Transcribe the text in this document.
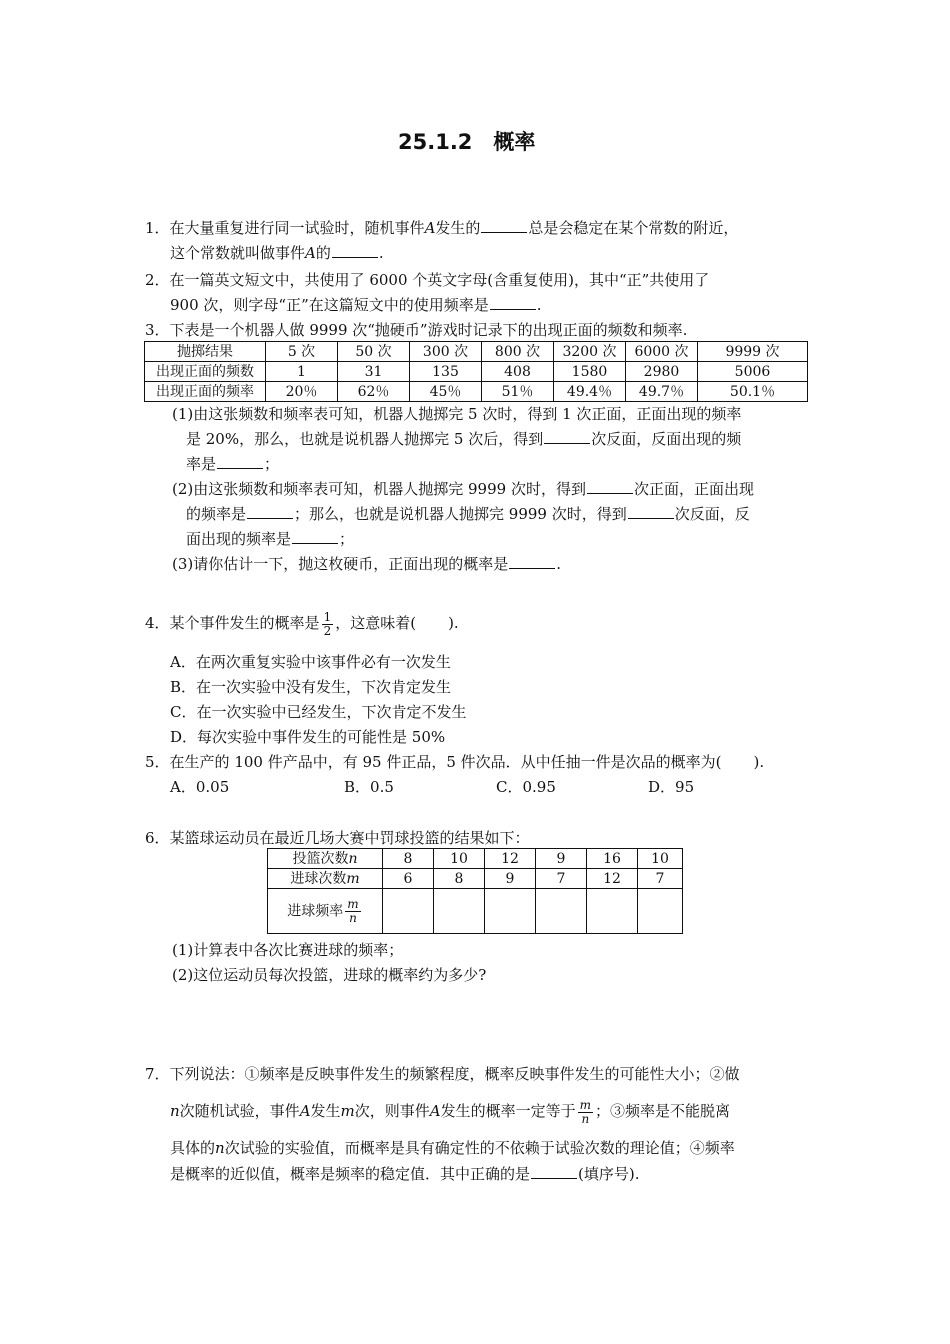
25.1.2　概率
1．在大量重复进行同一试验时，随机事件A发生的	总是会稳定在某个常数的附近，
这个常数就叫做事件A的	.
2．在一篇英文短文中，共使用了 6000 个英文字母(含重复使用)，其中“正”共使用了
900 次，则字母“正”在这篇短文中的使用频率是	.
3．下表是一个机器人做 9999 次“抛硬币”游戏时记录下的出现正面的频数和频率.
抛掷结果	5 次	50 次	300 次	800 次	3200 次	6000 次	9999 次
出现正面的频数	1	31	135	408	1580	2980	5006
出现正面的频率	20％	62％	45％	51％	49.4％	49.7％	50.1％
(1)由这张频数和频率表可知，机器人抛掷完 5 次时，得到 1 次正面，正面出现的频率
是 20%，那么，也就是说机器人抛掷完 5 次后，得到	次反面，反面出现的频
率是	；
(2)由这张频数和频率表可知，机器人抛掷完 9999 次时，得到	次正面，正面出现
的频率是	；那么，也就是说机器人抛掷完 9999 次时，得到	次反面，反
面出现的频率是	；
(3)请你估计一下，抛这枚硬币，正面出现的概率是	.
4．某个事件发生的概率是 $\frac{1}{2}$ ，这意味着( ).
A．在两次重复实验中该事件必有一次发生
B．在一次实验中没有发生，下次肯定发生
C．在一次实验中已经发生，下次肯定不发生
D．每次实验中事件发生的可能性是 50%
5．在生产的 100 件产品中，有 95 件正品，5 件次品．从中任抽一件是次品的概率为( ).
A．0.05	B．0.5	C．0.95	D．95
6．某篮球运动员在最近几场大赛中罚球投篮的结果如下：
投篮次数n	8	10	12	9	16	10
进球次数m	6	8	9	7	12	7
进球频率 $\frac{m}{n}$

(1)计算表中各次比赛进球的频率；
(2)这位运动员每次投篮，进球的概率约为多少?
7．下列说法：①频率是反映事件发生的频繁程度，概率反映事件发生的可能性大小；②做
n次随机试验，事件A发生m次，则事件A发生的概率一定等于 $\frac{m}{n}$ ；③频率是不能脱离
具体的n次试验的实验值，而概率是具有确定性的不依赖于试验次数的理论值；④频率
是概率的近似值，概率是频率的稳定值．其中正确的是	(填序号).
